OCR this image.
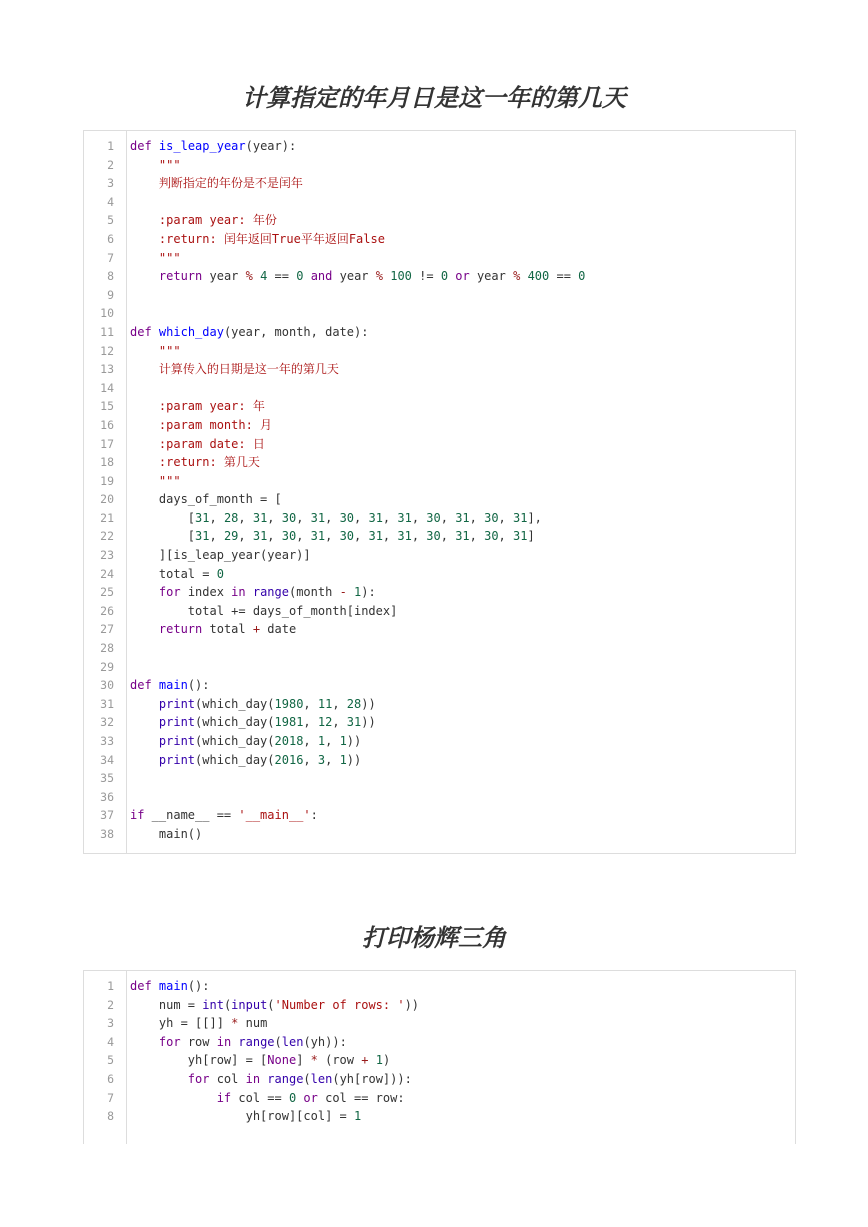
计算指定的年月日是这一年的第几天
1	def is_leap_year(year):
2	"""
3	判断指定的年份是不是闰年
4
5	:param year: 年份
6	:return: 闰年返回True平年返回False
7	"""
8	return year % 4 == 0 and year % 100 != 0 or year % 400 == 0
9
10
11	def which_day(year, month, date):
12	"""
13	计算传入的日期是这一年的第几天
14
15	:param year: 年
16	:param month: 月
17	:param date: 日
18	:return: 第几天
19	"""
20	days_of_month = [
21	[31, 28, 31, 30, 31, 30, 31, 31, 30, 31, 30, 31],
22	[31, 29, 31, 30, 31, 30, 31, 31, 30, 31, 30, 31]
23	][is_leap_year(year)]
24	total = 0
25	for index in range(month - 1):
26	total += days_of_month[index]
27	return total + date
28
29
30	def main():
31	print(which_day(1980, 11, 28))
32	print(which_day(1981, 12, 31))
33	print(which_day(2018, 1, 1))
34	print(which_day(2016, 3, 1))
35
36
37	if __name__ == '__main__':
38	main()
打印杨辉三角
1	def main():
2	num = int(input('Number of rows: '))
3	yh = [[]] * num
4	for row in range(len(yh)):
5	yh[row] = [None] * (row + 1)
6	for col in range(len(yh[row])):
7	if col == 0 or col == row:
8	yh[row][col] = 1
